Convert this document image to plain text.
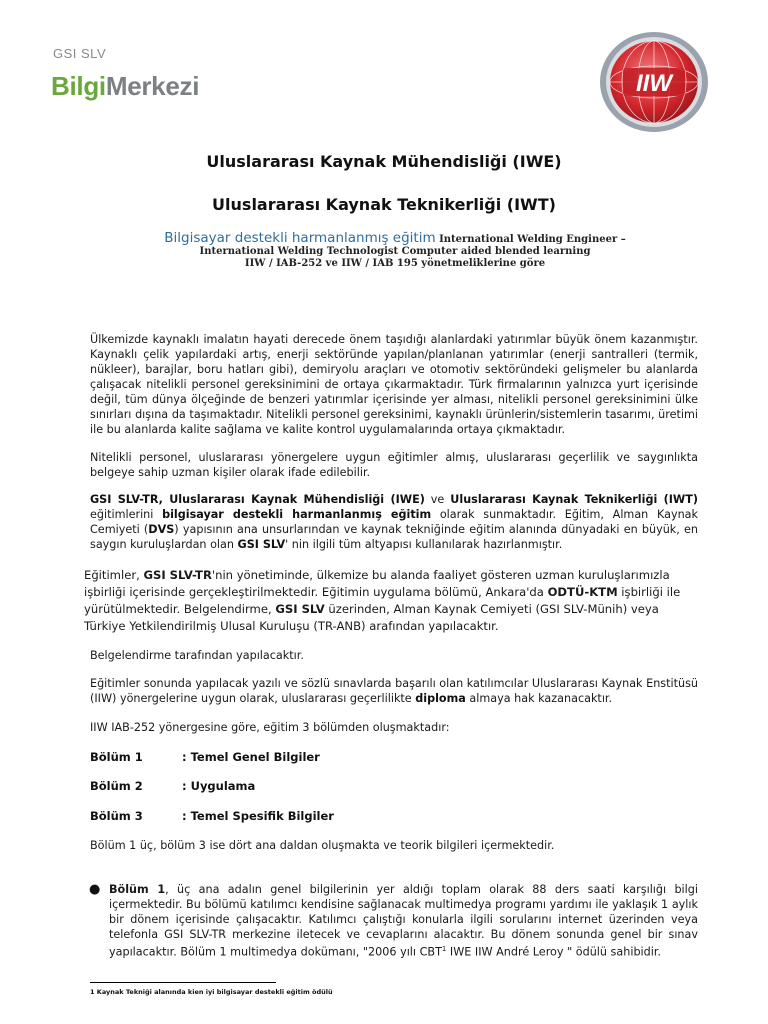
GSI SLV
BilgiMerkezi	IIW
Uluslararası Kaynak Mühendisliği (IWE)
Uluslararası Kaynak Teknikerliği (IWT)
Bilgisayar destekli harmanlanmış eğitim International Welding Engineer – International Welding Technologist Computer aided blended learning
IIW / IAB-252 ve IIW / IAB 195 yönetmeliklerine göre
Ülkemizde kaynaklı imalatın hayati derecede önem taşıdığı alanlardaki yatırımlar büyük önem kazanmıştır. Kaynaklı çelik yapılardaki artış, enerji sektöründe yapılan/planlanan yatırımlar (enerji santralleri (termik, nükleer), barajlar, boru hatları gibi), demiryolu araçları ve otomotiv sektöründeki gelişmeler bu alanlarda çalışacak nitelikli personel gereksinimini de ortaya çıkarmaktadır. Türk firmalarının yalnızca yurt içerisinde değil, tüm dünya ölçeğinde de benzeri yatırımlar içerisinde yer alması, nitelikli personel gereksinimini ülke sınırları dışına da taşımaktadır. Nitelikli personel gereksinimi, kaynaklı ürünlerin/sistemlerin tasarımı, üretimi ile bu alanlarda kalite sağlama ve kalite kontrol uygulamalarında ortaya çıkmaktadır.
Nitelikli personel, uluslararası yönergelere uygun eğitimler almış, uluslararası geçerlilik ve saygınlıkta belgeye sahip uzman kişiler olarak ifade edilebilir.
GSI SLV-TR, Uluslararası Kaynak Mühendisliği (IWE) ve Uluslararası Kaynak Teknikerliği (IWT) eğitimlerini bilgisayar destekli harmanlanmış eğitim olarak sunmaktadır. Eğitim, Alman Kaynak Cemiyeti (DVS) yapısının ana unsurlarından ve kaynak tekniğinde eğitim alanında dünyadaki en büyük, en saygın kuruluşlardan olan GSI SLV' nin ilgili tüm altyapısı kullanılarak hazırlanmıştır.
Eğitimler, GSI SLV-TR'nin yönetiminde, ülkemize bu alanda faaliyet gösteren uzman kuruluşlarımızla işbirliği içerisinde gerçekleştirilmektedir. Eğitimin uygulama bölümü, Ankara'da ODTÜ-KTM işbirliği ile yürütülmektedir. Belgelendirme, GSI SLV üzerinden, Alman Kaynak Cemiyeti (GSI SLV-Münih) veya Türkiye Yetkilendirilmiş Ulusal Kuruluşu (TR-ANB) arafından yapılacaktır.
Belgelendirme tarafından yapılacaktır.
Eğitimler sonunda yapılacak yazılı ve sözlü sınavlarda başarılı olan katılımcılar Uluslararası Kaynak Enstitüsü (IIW) yönergelerine uygun olarak, uluslararası geçerlilikte diploma almaya hak kazanacaktır.
IIW IAB-252 yönergesine göre, eğitim 3 bölümden oluşmaktadır:
Bölüm 1	: Temel Genel Bilgiler
Bölüm 2	: Uygulama
Bölüm 3	: Temel Spesifik Bilgiler
Bölüm 1 üç, bölüm 3 ise dört ana daldan oluşmakta ve teorik bilgileri içermektedir.
● Bölüm 1, üç ana adalın genel bilgilerinin yer aldığı toplam olarak 88 ders saati karşılığı bilgi içermektedir. Bu bölümü katılımcı kendisine sağlanacak multimedya programı yardımı ile yaklaşık 1 aylık bir dönem içerisinde çalışacaktır. Katılımcı çalıştığı konularla ilgili sorularını internet üzerinden veya telefonla GSI SLV-TR merkezine iletecek ve cevaplarını alacaktır. Bu dönem sonunda genel bir sınav yapılacaktır. Bölüm 1 multimedya dokümanı, "2006 yılı CBT$^1$ IWE IIW André Leroy " ödülü sahibidir.
1 Kaynak Tekniği alanında kien iyi bilgisayar destekli eğitim ödülü
